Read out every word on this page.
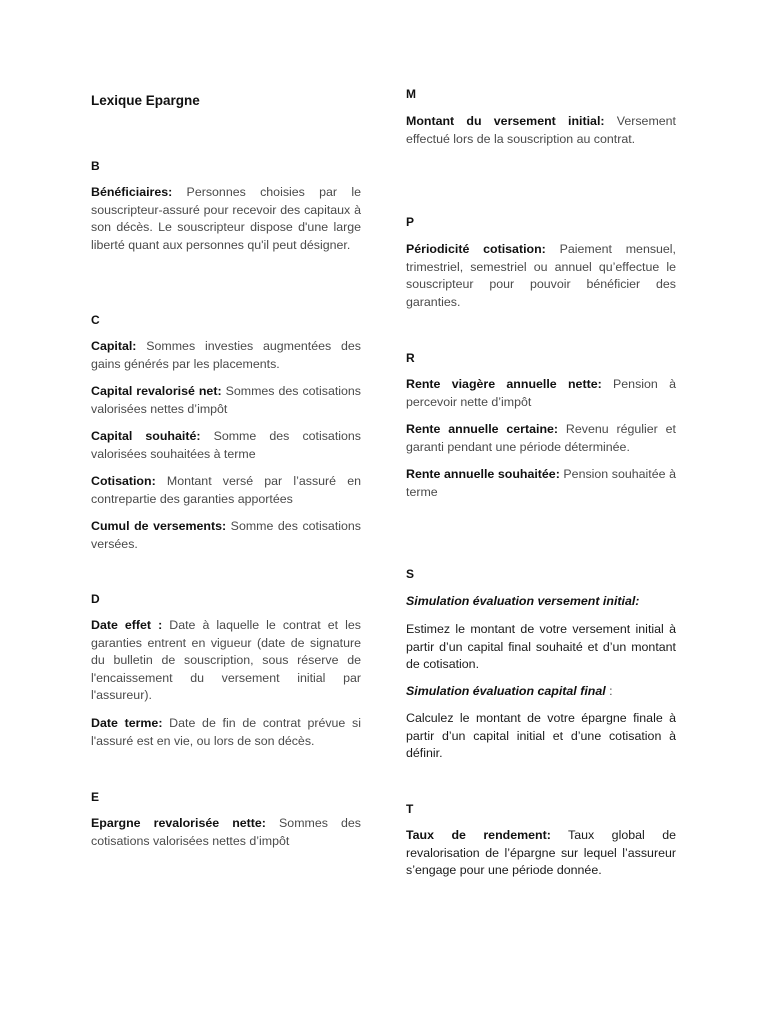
Lexique Epargne
B

Bénéficiaires: Personnes choisies par le souscripteur-assuré pour recevoir des capitaux à son décès. Le souscripteur dispose d'une large liberté quant aux personnes qu'il peut désigner.

C

Capital: Sommes investies augmentées des gains générés par les placements.

Capital revalorisé net: Sommes des cotisations valorisées nettes d’impôt

Capital souhaité: Somme des cotisations valorisées souhaitées à terme

Cotisation: Montant versé par l’assuré en contrepartie des garanties apportées

Cumul de versements: Somme des cotisations versées.

D

Date effet : Date à laquelle le contrat et les garanties entrent en vigueur (date de signature du bulletin de souscription, sous réserve de l'encaissement du versement initial par l'assureur).

Date terme: Date de fin de contrat prévue si l'assuré est en vie, ou lors de son décès.

E

Epargne revalorisée nette: Sommes des cotisations valorisées nettes d’impôt

M

Montant du versement initial: Versement effectué lors de la souscription au contrat.

P

Périodicité cotisation: Paiement mensuel, trimestriel, semestriel ou annuel qu’effectue le souscripteur pour pouvoir bénéficier des garanties.

R

Rente viagère annuelle nette: Pension à percevoir nette d’impôt

Rente annuelle certaine: Revenu régulier et garanti pendant une période déterminée.

Rente annuelle souhaitée: Pension souhaitée à terme

S

Simulation évaluation versement initial:

Estimez le montant de votre versement initial à partir d’un capital final souhaité et d’un montant de cotisation.

Simulation évaluation capital final :

Calculez le montant de votre épargne finale à partir d’un capital initial et d’une cotisation à définir.

T

Taux de rendement: Taux global de revalorisation de l’épargne sur lequel l’assureur s’engage pour une période donnée.
